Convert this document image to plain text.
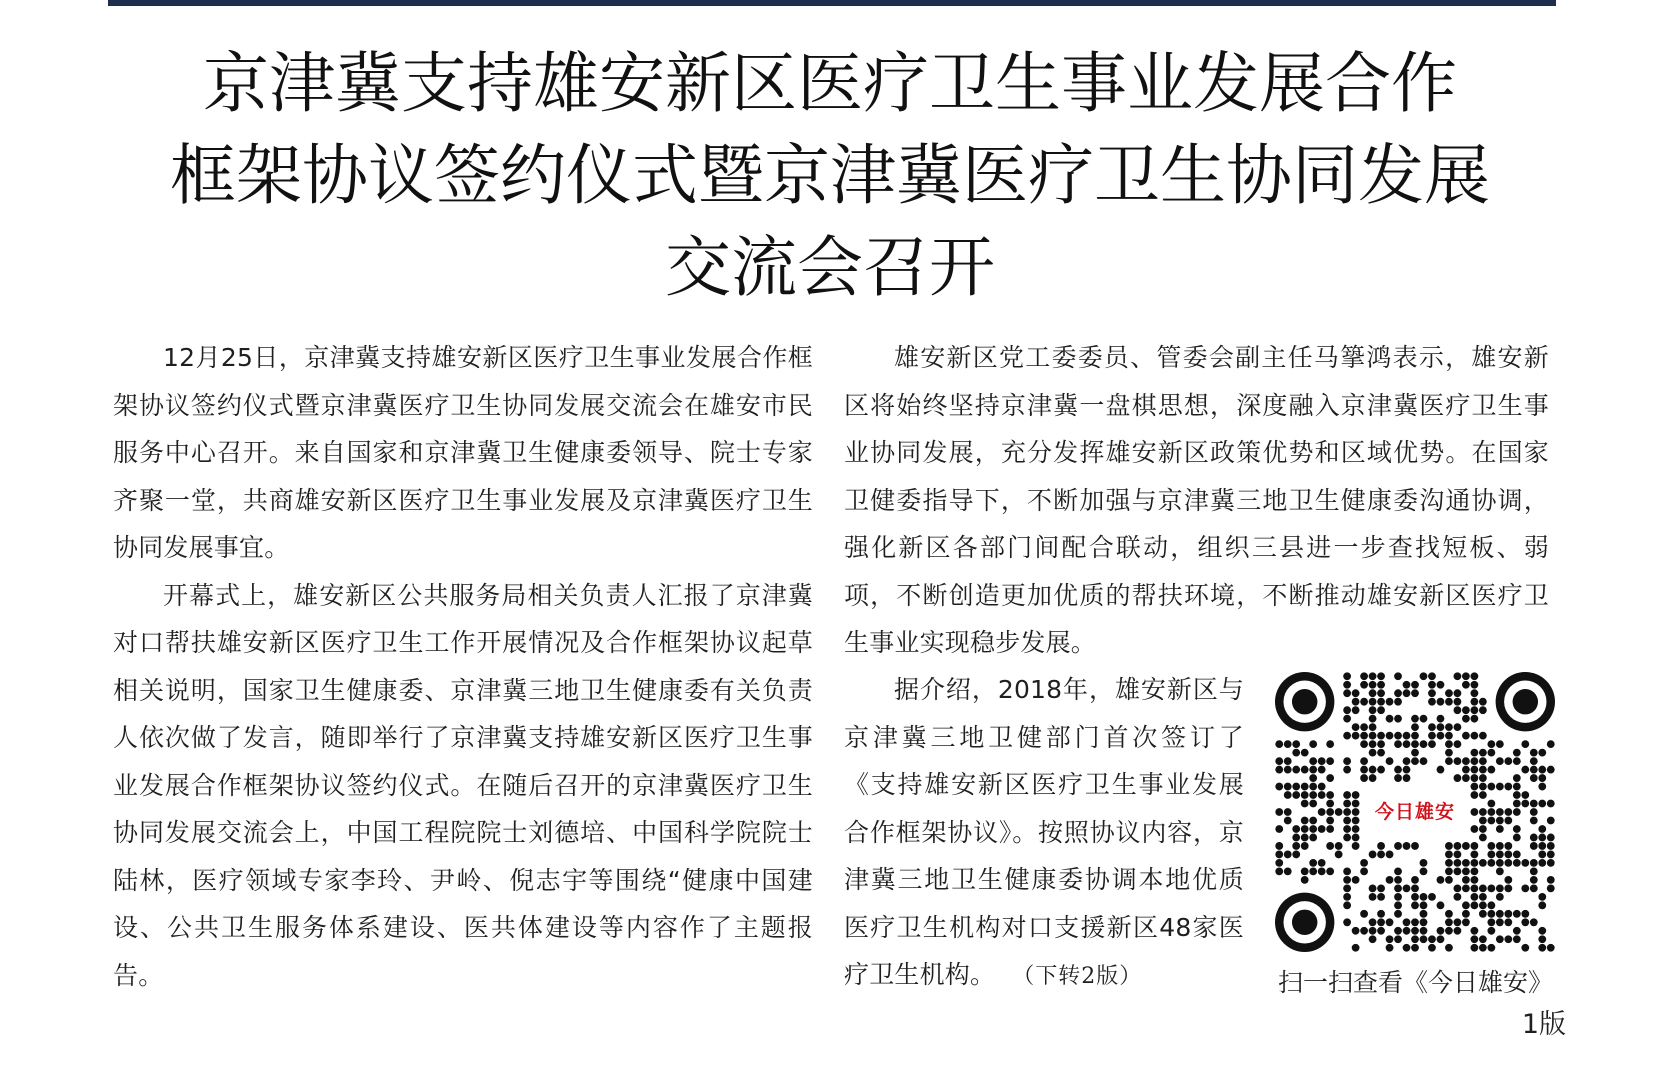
京津冀支持雄安新区医疗卫生事业发展合作
框架协议签约仪式暨京津冀医疗卫生协同发展
交流会召开

12月25日，京津冀支持雄安新区医疗卫生事业发展合作框架协议签约仪式暨京津冀医疗卫生协同发展交流会在雄安市民服务中心召开。来自国家和京津冀卫生健康委领导、院士专家齐聚一堂，共商雄安新区医疗卫生事业发展及京津冀医疗卫生协同发展事宜。

开幕式上，雄安新区公共服务局相关负责人汇报了京津冀对口帮扶雄安新区医疗卫生工作开展情况及合作框架协议起草相关说明，国家卫生健康委、京津冀三地卫生健康委有关负责人依次做了发言，随即举行了京津冀支持雄安新区医疗卫生事业发展合作框架协议签约仪式。在随后召开的京津冀医疗卫生协同发展交流会上，中国工程院院士刘德培、中国科学院院士陆林，医疗领域专家李玲、尹岭、倪志宇等围绕“健康中国建设、公共卫生服务体系建设、医共体建设等内容作了主题报告。

雄安新区党工委委员、管委会副主任马篫鸿表示，雄安新区将始终坚持京津冀一盘棋思想，深度融入京津冀医疗卫生事业协同发展，充分发挥雄安新区政策优势和区域优势。在国家卫健委指导下，不断加强与京津冀三地卫生健康委沟通协调，强化新区各部门间配合联动，组织三县进一步查找短板、弱项，不断创造更加优质的帮扶环境，不断推动雄安新区医疗卫生事业实现稳步发展。

据介绍，2018年，雄安新区与京津冀三地卫健部门首次签订了《支持雄安新区医疗卫生事业发展合作框架协议》。按照协议内容，京津冀三地卫生健康委协调本地优质医疗卫生机构对口支援新区48家医疗卫生机构。 （下转2版）

今日雄安
扫一扫查看《今日雄安》
1版
